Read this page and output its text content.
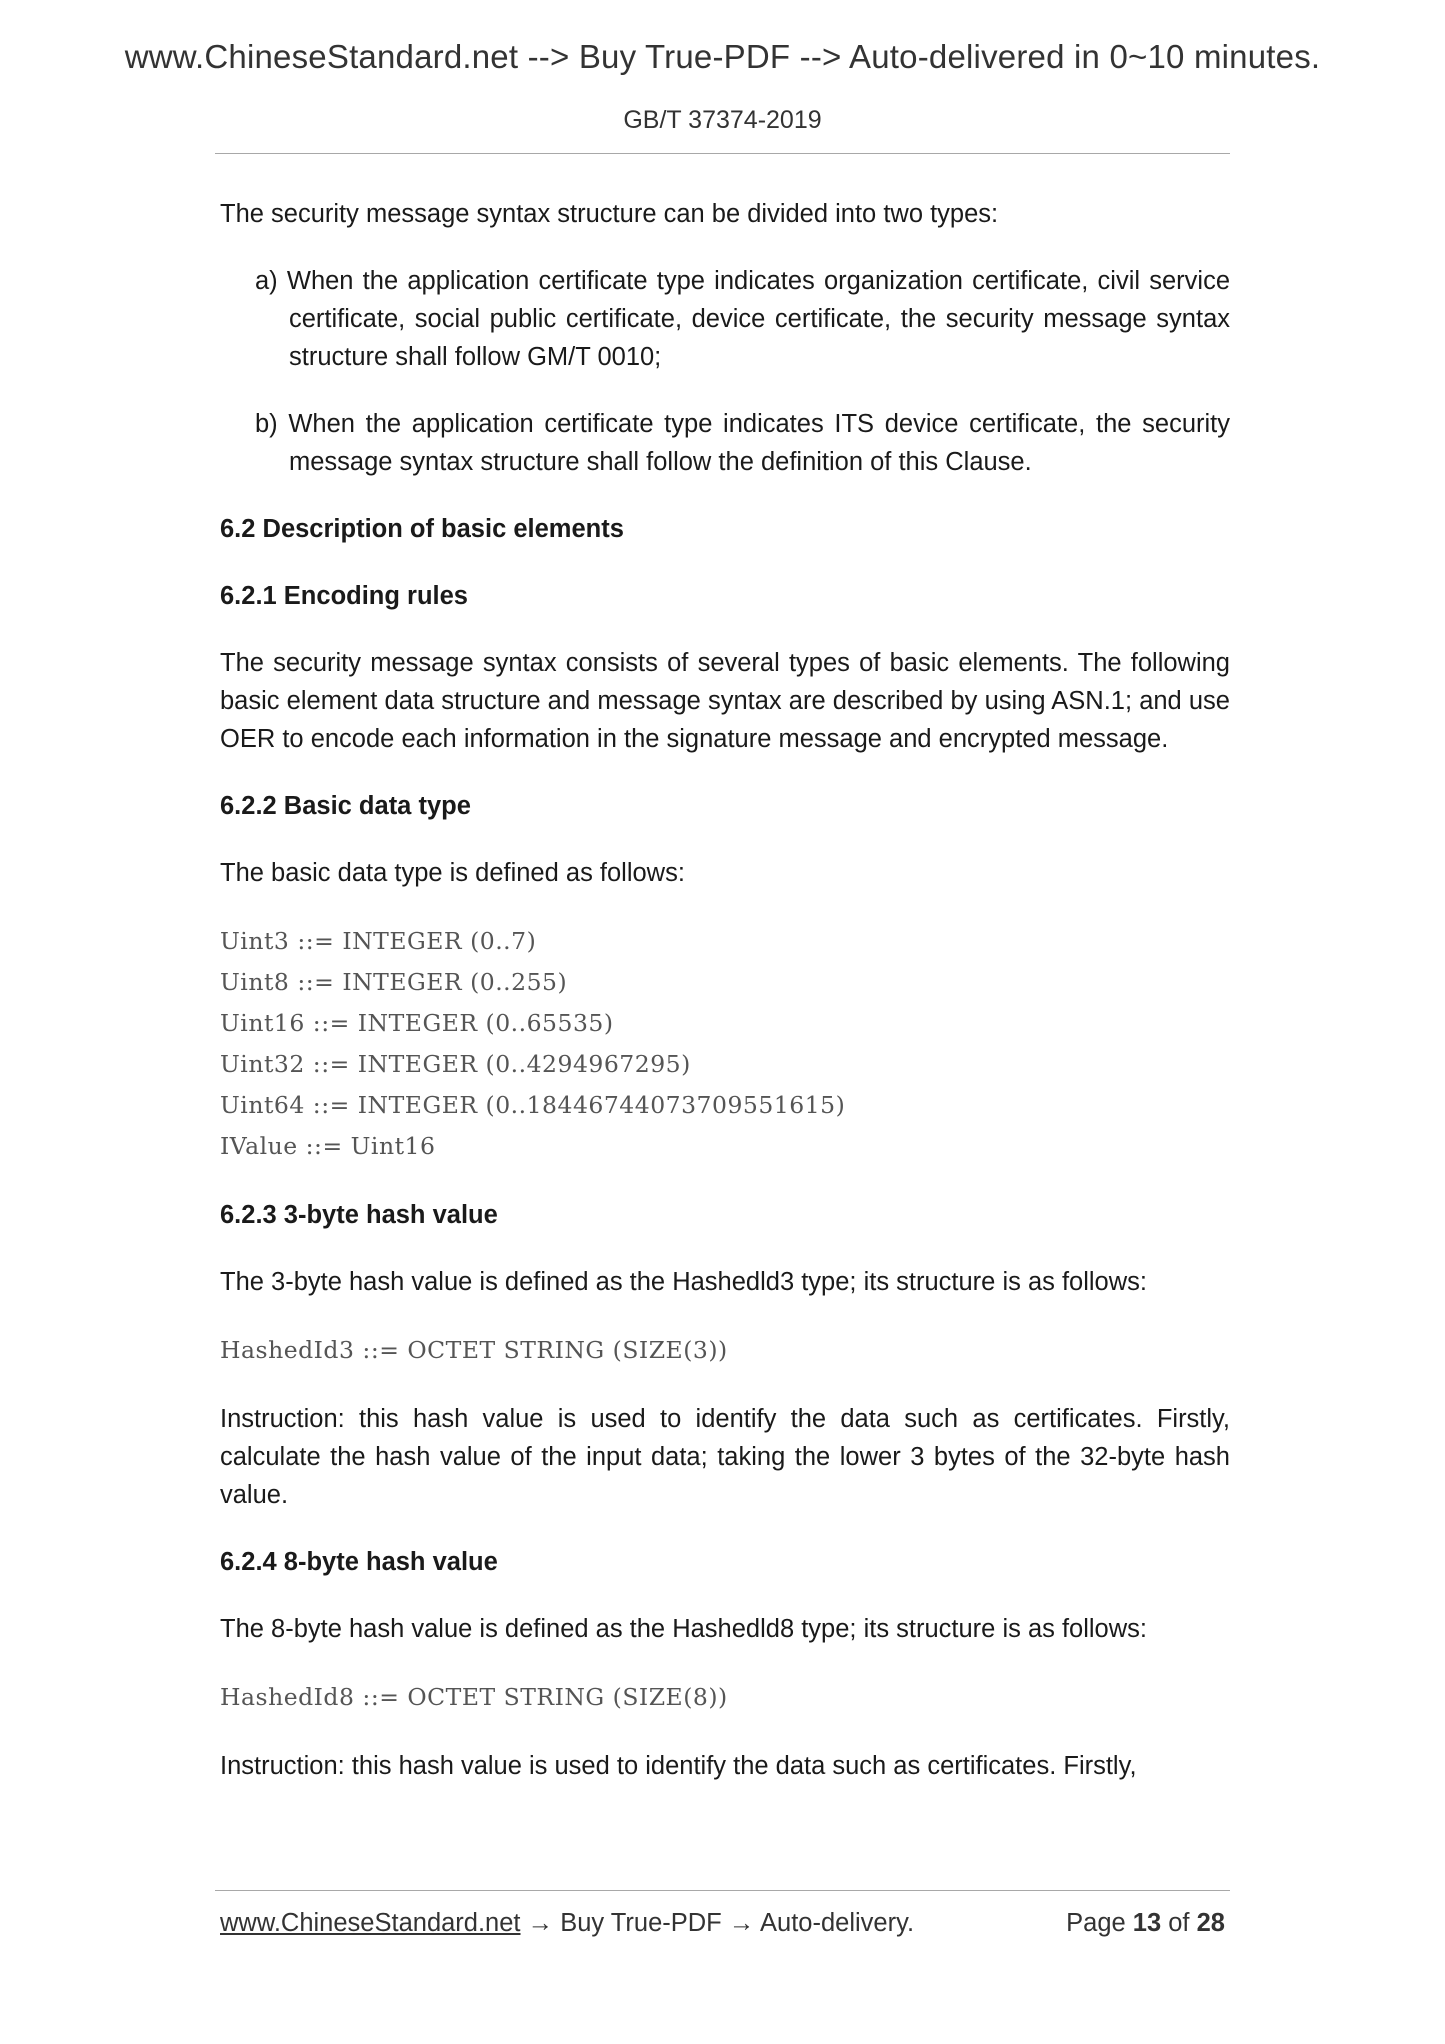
www.ChineseStandard.net --> Buy True-PDF --> Auto-delivered in 0~10 minutes.
GB/T 37374-2019

The security message syntax structure can be divided into two types:

a) When the application certificate type indicates organization certificate, civil service certificate, social public certificate, device certificate, the security message syntax structure shall follow GM/T 0010;

b) When the application certificate type indicates ITS device certificate, the security message syntax structure shall follow the definition of this Clause.

6.2 Description of basic elements

6.2.1 Encoding rules

The security message syntax consists of several types of basic elements. The following basic element data structure and message syntax are described by using ASN.1; and use OER to encode each information in the signature message and encrypted message.

6.2.2 Basic data type

The basic data type is defined as follows:

Uint3 ::= INTEGER (0..7)
Uint8 ::= INTEGER (0..255)
Uint16 ::= INTEGER (0..65535)
Uint32 ::= INTEGER (0..4294967295)
Uint64 ::= INTEGER (0..18446744073709551615)
IValue ::= Uint16

6.2.3 3-byte hash value

The 3-byte hash value is defined as the Hashedld3 type; its structure is as follows:

HashedId3 ::= OCTET STRING (SIZE(3))

Instruction: this hash value is used to identify the data such as certificates. Firstly, calculate the hash value of the input data; taking the lower 3 bytes of the 32-byte hash value.

6.2.4 8-byte hash value

The 8-byte hash value is defined as the Hashedld8 type; its structure is as follows:

HashedId8 ::= OCTET STRING (SIZE(8))

Instruction: this hash value is used to identify the data such as certificates. Firstly,

www.ChineseStandard.net → Buy True-PDF → Auto-delivery.	Page 13 of 28
